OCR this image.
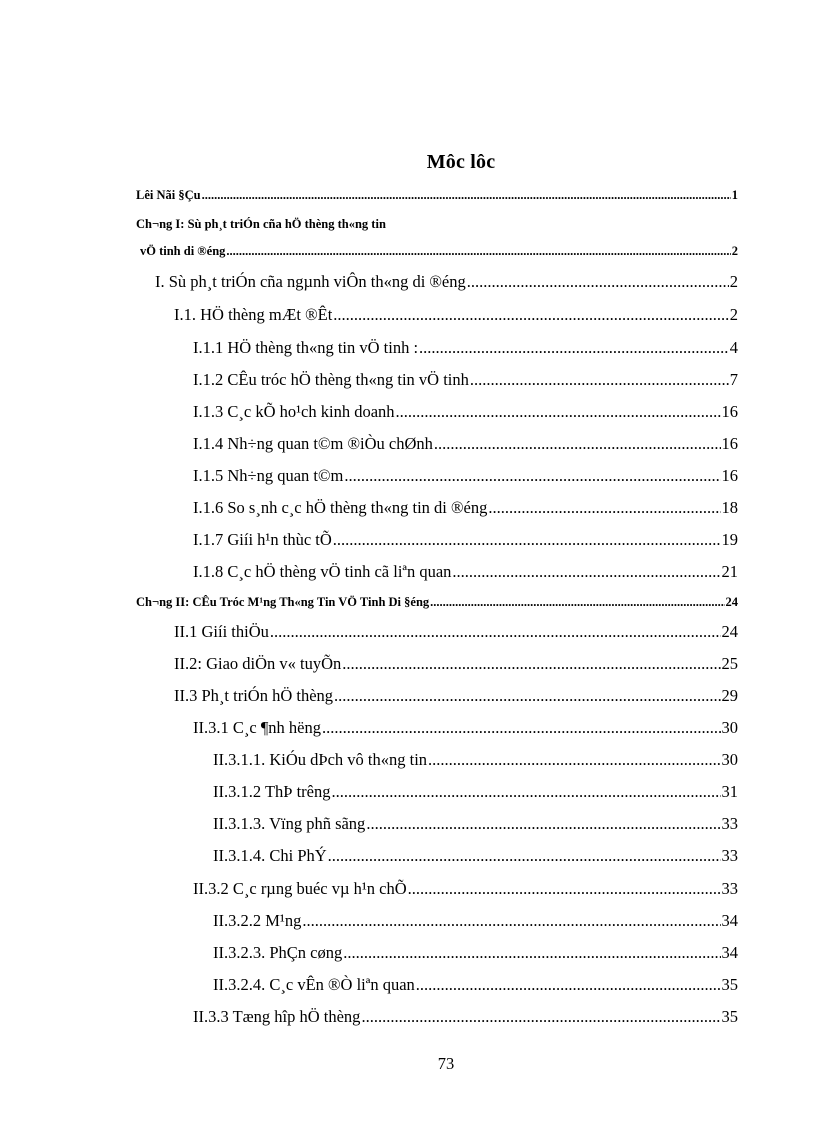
Môc lôc
Lêi Nãi §Çu .....	1
Ch¬ng I: Sù ph¸t triÓn cña hÖ thèng th«ng tin
vÖ tinh di ®éng .....	2
I. Sù ph¸t triÓn cña ngµnh viÔn th«ng di ®éng .....	2
I.1. HÖ thèng mÆt ®Êt .....	2
I.1.1 HÖ thèng th«ng tin vÖ tinh : .....	4
I.1.2 CÊu tróc hÖ thèng th«ng tin vÖ tinh .....	7
I.1.3 C¸c kÕ ho¹ch kinh doanh .....	16
I.1.4 Nh÷ng quan t©m ®iÒu chØnh .....	16
I.1.5 Nh÷ng quan t©m .....	16
I.1.6 So s¸nh c¸c hÖ thèng th«ng tin di ®éng .....	18
I.1.7 Giíi h¹n thùc tÕ .....	19
I.1.8 C¸c hÖ thèng vÖ tinh cã liªn quan .....	21
Ch¬ng II: CÊu Tróc M¹ng Th«ng Tin VÖ Tinh Di §éng .....	24
II.1 Giíi thiÖu .....	24
II.2: Giao diÖn v« tuyÕn .....	25
II.3 Ph¸t triÓn hÖ thèng .....	29
II.3.1 C¸c ¶nh hëng .....	30
II.3.1.1. KiÓu dÞch vô th«ng tin .....	30
II.3.1.2 ThÞ trêng .....	31
II.3.1.3. Vïng phñ sãng .....	33
II.3.1.4. Chi PhÝ .....	33
II.3.2 C¸c rµng buéc vµ h¹n chÕ .....	33
II.3.2.2 M¹ng .....	34
II.3.2.3. PhÇn cøng .....	34
II.3.2.4. C¸c vÊn ®Ò liªn quan .....	35
II.3.3 Tæng hîp hÖ thèng .....	35
73
